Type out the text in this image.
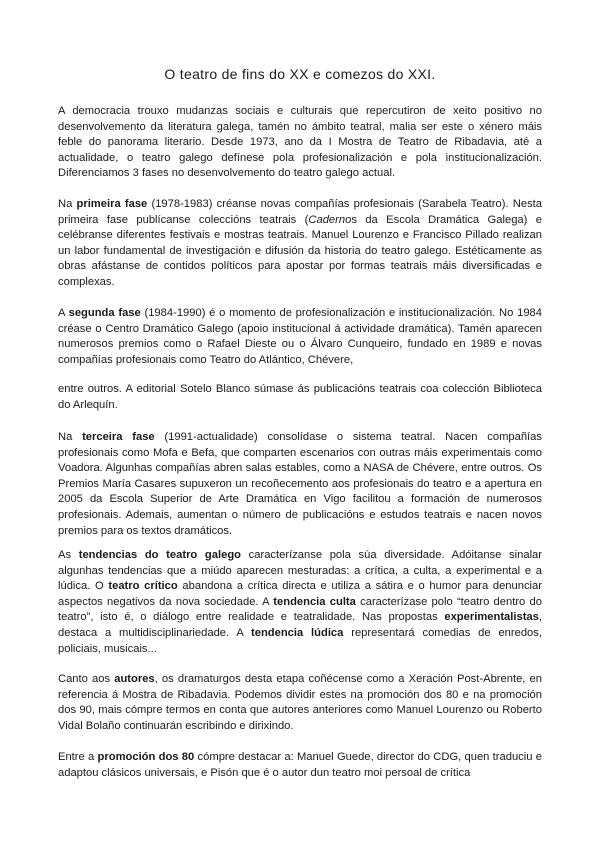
O teatro de fins do XX e comezos do XXI.

A democracia trouxo mudanzas sociais e culturais que repercutiron de xeito positivo no desenvolvemento da literatura galega, tamén no ámbito teatral, malia ser este o xénero máis feble do panorama literario. Desde 1973, ano da I Mostra de Teatro de Ribadavia, até a actualidade, o teatro galego defínese pola profesionalización e pola institucionalización. Diferenciamos 3 fases no desenvolvemento do teatro galego actual.

Na primeira fase (1978-1983) créanse novas compañías profesionais (Sarabela Teatro). Nesta primeira fase publícanse coleccións teatrais (Cadernos da Escola Dramática Galega) e celébranse diferentes festivais e mostras teatrais. Manuel Lourenzo e Francisco Pillado realizan un labor fundamental de investigación e difusión da historia do teatro galego. Estéticamente as obras afástanse de contidos políticos para apostar por formas teatrais máis diversificadas e complexas.

A segunda fase (1984-1990) é o momento de profesionalización e institucionalización. No 1984 créase o Centro Dramático Galego (apoio institucional á actividade dramática). Tamén aparecen numerosos premios como o Rafael Dieste ou o Álvaro Cunqueiro, fundado en 1989 e novas compañías profesionais como Teatro do Atlántico, Chévere,

entre outros. A editorial Sotelo Blanco súmase ás publicacións teatrais coa colección Biblioteca do Arlequín.

Na terceira fase (1991-actualidade) consolídase o sistema teatral. Nacen compañías profesionais como Mofa e Befa, que comparten escenarios con outras máis experimentais como Voadora. Algunhas compañías abren salas estables, como a NASA de Chévere, entre outros. Os Premios María Casares supuxeron un recoñecemento aos profesionais do teatro e a apertura en 2005 da Escola Superior de Arte Dramática en Vigo facilitou a formación de numerosos profesionais. Ademais, aumentan o número de publicacións e estudos teatrais e nacen novos premios para os textos dramáticos.

As tendencias do teatro galego caracterízanse pola súa diversidade. Adóitanse sinalar algunhas tendencias que a miúdo aparecen mesturadas: a crítica, a culta, a experimental e a lúdica. O teatro crítico abandona a crítica directa e utiliza a sátira e o humor para denunciar aspectos negativos da nova sociedade. A tendencia culta caracterízase polo “teatro dentro do teatro”, isto é, o diálogo entre realidade e teatralidade. Nas propostas experimentalistas, destaca a multidisciplinariedade. A tendencia lúdica representará comedias de enredos, policiais, musicais...

Canto aos autores, os dramaturgos desta etapa coñécense como a Xeración Post-Abrente, en referencia á Mostra de Ribadavia. Podemos dividir estes na promoción dos 80 e na promoción dos 90, mais cómpre termos en conta que autores anteriores como Manuel Lourenzo ou Roberto Vidal Bolaño continuarán escribindo e dirixindo.

Entre a promoción dos 80 cómpre destacar a: Manuel Guede, director do CDG, quen traduciu e adaptou clásicos universais, e Pisón que é o autor dun teatro moi persoal de crítica
